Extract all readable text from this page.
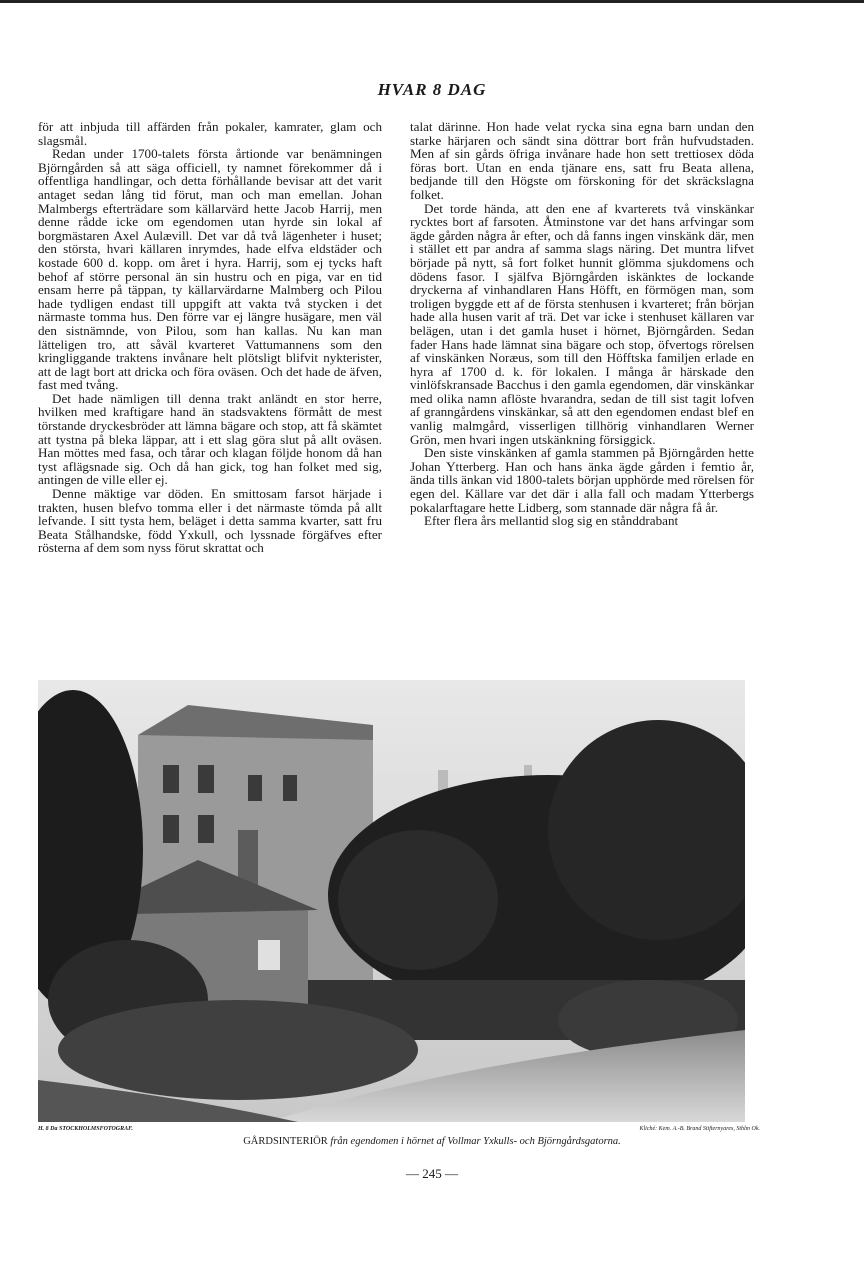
HVAR 8 DAG

för att inbjuda till affärden från pokaler, kamrater, glam och slagsmål.

Redan under 1700-talets första årtionde var benämningen Björngården så att säga officiell, ty namnet förekommer då i offentliga handlingar, och detta förhållande bevisar att det varit antaget sedan lång tid förut, man och man emellan. Johan Malmbergs efterträdare som källarvärd hette Jacob Harrij, men denne rådde icke om egendomen utan hyrde sin lokal af borgmästaren Axel Aulævill. Det var då två lägenheter i huset; den största, hvari källaren inrymdes, hade elfva eldstäder och kostade 600 d. kopp. om året i hyra. Harrij, som ej tycks haft behof af större personal än sin hustru och en piga, var en tid ensam herre på täppan, ty källarvärdarne Malmberg och Pilou hade tydligen endast till uppgift att vakta två stycken i det närmaste tomma hus. Den förre var ej längre husägare, men väl den sistnämnde, von Pilou, som han kallas. Nu kan man lätteligen tro, att såväl kvarteret Vattumannens som den kringliggande traktens invånare helt plötsligt blifvit nykterister, att de lagt bort att dricka och föra oväsen. Och det hade de äfven, fast med tvång.

Det hade nämligen till denna trakt anländt en stor herre, hvilken med kraftigare hand än stadsvaktens förmått de mest törstande dryckesbröder att lämna bägare och stop, att få skämtet att tystna på bleka läppar, att i ett slag göra slut på allt oväsen. Han möttes med fasa, och tårar och klagan följde honom då han tyst aflägsnade sig. Och då han gick, tog han folket med sig, antingen de ville eller ej.

Denne mäktige var döden. En smittosam farsot härjade i trakten, husen blefvo tomma eller i det närmaste tömda på allt lefvande. I sitt tysta hem, beläget i detta samma kvarter, satt fru Beata Stålhandske, född Yxkull, och lyssnade förgäfves efter rösterna af dem som nyss förut skrattat och

talat därinne. Hon hade velat rycka sina egna barn undan den starke härjaren och sändt sina döttrar bort från hufvudstaden. Men af sin gårds öfriga invånare hade hon sett trettiosex döda föras bort. Utan en enda tjänare ens, satt fru Beata allena, bedjande till den Högste om förskoning för det skräckslagna folket.

Det torde hända, att den ene af kvarterets två vinskänkar rycktes bort af farsoten. Åtminstone var det hans arfvingar som ägde gården några år efter, och då fanns ingen vinskänk där, men i stället ett par andra af samma slags näring. Det muntra lifvet började på nytt, så fort folket hunnit glömma sjukdomens och dödens fasor. I själfva Björngården iskänktes de lockande dryckerna af vinhandlaren Hans Höfft, en förmögen man, som troligen byggde ett af de första stenhusen i kvarteret; från början hade alla husen varit af trä. Det var icke i stenhuset källaren var belägen, utan i det gamla huset i hörnet, Björngården. Sedan fader Hans hade lämnat sina bägare och stop, öfvertogs rörelsen af vinskänken Noræus, som till den Höfftska familjen erlade en hyra af 1700 d. k. för lokalen. I många år härskade den vinlöfskransade Bacchus i den gamla egendomen, där vinskänkar med olika namn aflöste hvarandra, sedan de till sist tagit lofven af granngårdens vinskänkar, så att den egendomen endast blef en vanlig malmgård, visserligen tillhörig vinhandlaren Werner Grön, men hvari ingen utskänkning försiggick.

Den siste vinskänken af gamla stammen på Björngården hette Johan Ytterberg. Han och hans änka ägde gården i femtio år, ända tills änkan vid 1800-talets början upphörde med rörelsen för egen del. Källare var det där i alla fall och madam Ytterbergs pokalarftagare hette Lidberg, som stannade där några få år.

Efter flera års mellantid slog sig en stånddrabant

H. 8 Da STOCKHOLMSFOTOGRAF.	Kliché: Kem. A.-B. Brand Stifternyares, Sthlm Ok.
GÅRDSINTERIÖR från egendomen i hörnet af Vollmar Yxkulls- och Björngårdsgatorna.
— 245 —
